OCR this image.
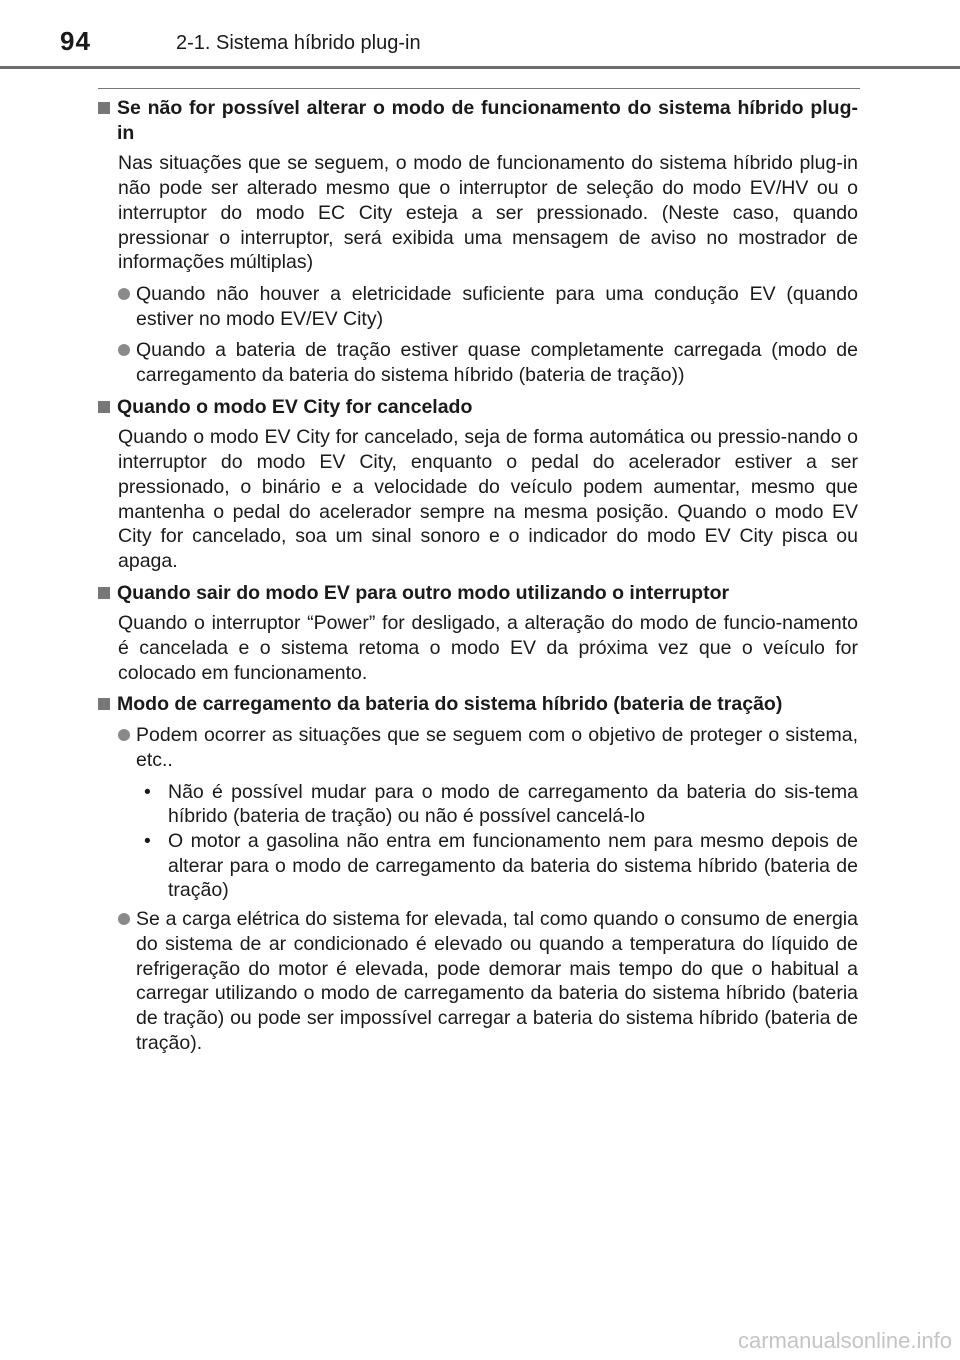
94	2-1. Sistema híbrido plug-in
Se não for possível alterar o modo de funcionamento do sistema híbrido plug-in
Nas situações que se seguem, o modo de funcionamento do sistema híbrido plug-in não pode ser alterado mesmo que o interruptor de seleção do modo EV/HV ou o interruptor do modo EC City esteja a ser pressionado. (Neste caso, quando pressionar o interruptor, será exibida uma mensagem de aviso no mostrador de informações múltiplas)
Quando não houver a eletricidade suficiente para uma condução EV (quando estiver no modo EV/EV City)
Quando a bateria de tração estiver quase completamente carregada (modo de carregamento da bateria do sistema híbrido (bateria de tração))
Quando o modo EV City for cancelado
Quando o modo EV City for cancelado, seja de forma automática ou pressio-nando o interruptor do modo EV City, enquanto o pedal do acelerador estiver a ser pressionado, o binário e a velocidade do veículo podem aumentar, mesmo que mantenha o pedal do acelerador sempre na mesma posição. Quando o modo EV City for cancelado, soa um sinal sonoro e o indicador do modo EV City pisca ou apaga.
Quando sair do modo EV para outro modo utilizando o interruptor
Quando o interruptor “Power” for desligado, a alteração do modo de funcio-namento é cancelada e o sistema retoma o modo EV da próxima vez que o veículo for colocado em funcionamento.
Modo de carregamento da bateria do sistema híbrido (bateria de tração)
Podem ocorrer as situações que se seguem com o objetivo de proteger o sistema, etc..
• Não é possível mudar para o modo de carregamento da bateria do sis-tema híbrido (bateria de tração) ou não é possível cancelá-lo
• O motor a gasolina não entra em funcionamento nem para mesmo depois de alterar para o modo de carregamento da bateria do sistema híbrido (bateria de tração)
Se a carga elétrica do sistema for elevada, tal como quando o consumo de energia do sistema de ar condicionado é elevado ou quando a temperatura do líquido de refrigeração do motor é elevada, pode demorar mais tempo do que o habitual a carregar utilizando o modo de carregamento da bateria do sistema híbrido (bateria de tração) ou pode ser impossível carregar a bateria do sistema híbrido (bateria de tração).
carmanualsonline.info
